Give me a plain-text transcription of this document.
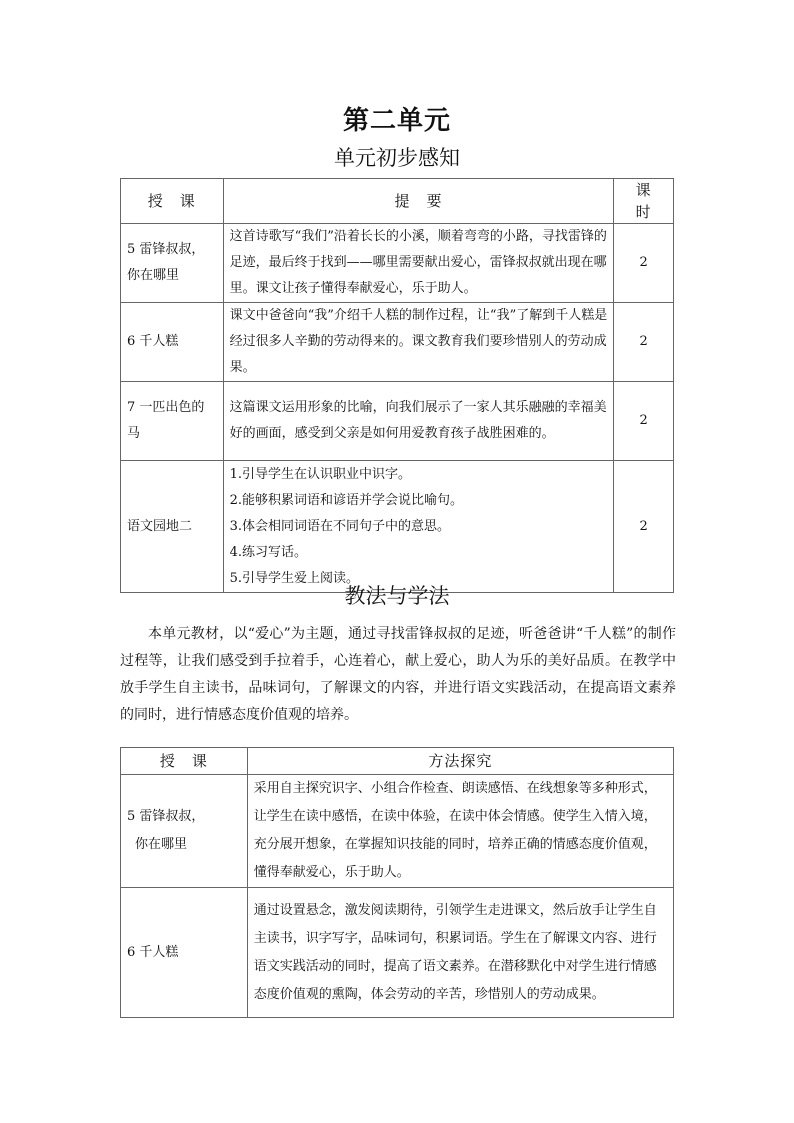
第二单元
单元初步感知
授　课	提　要	课　时
5 雷锋叔叔，你在哪里	这首诗歌写“我们”沿着长长的小溪，顺着弯弯的小路，寻找雷锋的足迹，最后终于找到——哪里需要献出爱心，雷锋叔叔就出现在哪里。课文让孩子懂得奉献爱心，乐于助人。	2
6 千人糕	课文中爸爸向“我”介绍千人糕的制作过程，让“我”了解到千人糕是经过很多人辛勤的劳动得来的。课文教育我们要珍惜别人的劳动成果。	2
7 一匹出色的马	这篇课文运用形象的比喻，向我们展示了一家人其乐融融的幸福美好的画面，感受到父亲是如何用爱教育孩子战胜困难的。	2
语文园地二	1.引导学生在认识职业中识字。
2.能够积累词语和谚语并学会说比喻句。
3.体会相同词语在不同句子中的意思。
4.练习写话。
5.引导学生爱上阅读。	2
教法与学法
本单元教材，以“爱心”为主题，通过寻找雷锋叔叔的足迹，听爸爸讲“千人糕”的制作过程等，让我们感受到手拉着手，心连着心，献上爱心，助人为乐的美好品质。在教学中放手学生自主读书，品味词句，了解课文的内容，并进行语文实践活动，在提高语文素养的同时，进行情感态度价值观的培养。
授　课	方法探究

5 雷锋叔叔，
你在哪里	采用自主探究识字、小组合作检查、朗读感悟、在线想象等多种形式，让学生在读中感悟，在读中体验，在读中体会情感。使学生入情入境，充分展开想象，在掌握知识技能的同时，培养正确的情感态度价值观，懂得奉献爱心，乐于助人。

6 千人糕	通过设置悬念，激发阅读期待，引领学生走进课文，然后放手让学生自主读书，识字写字，品味词句，积累词语。学生在了解课文内容、进行语文实践活动的同时，提高了语文素养。在潜移默化中对学生进行情感态度价值观的熏陶，体会劳动的辛苦，珍惜别人的劳动成果。
